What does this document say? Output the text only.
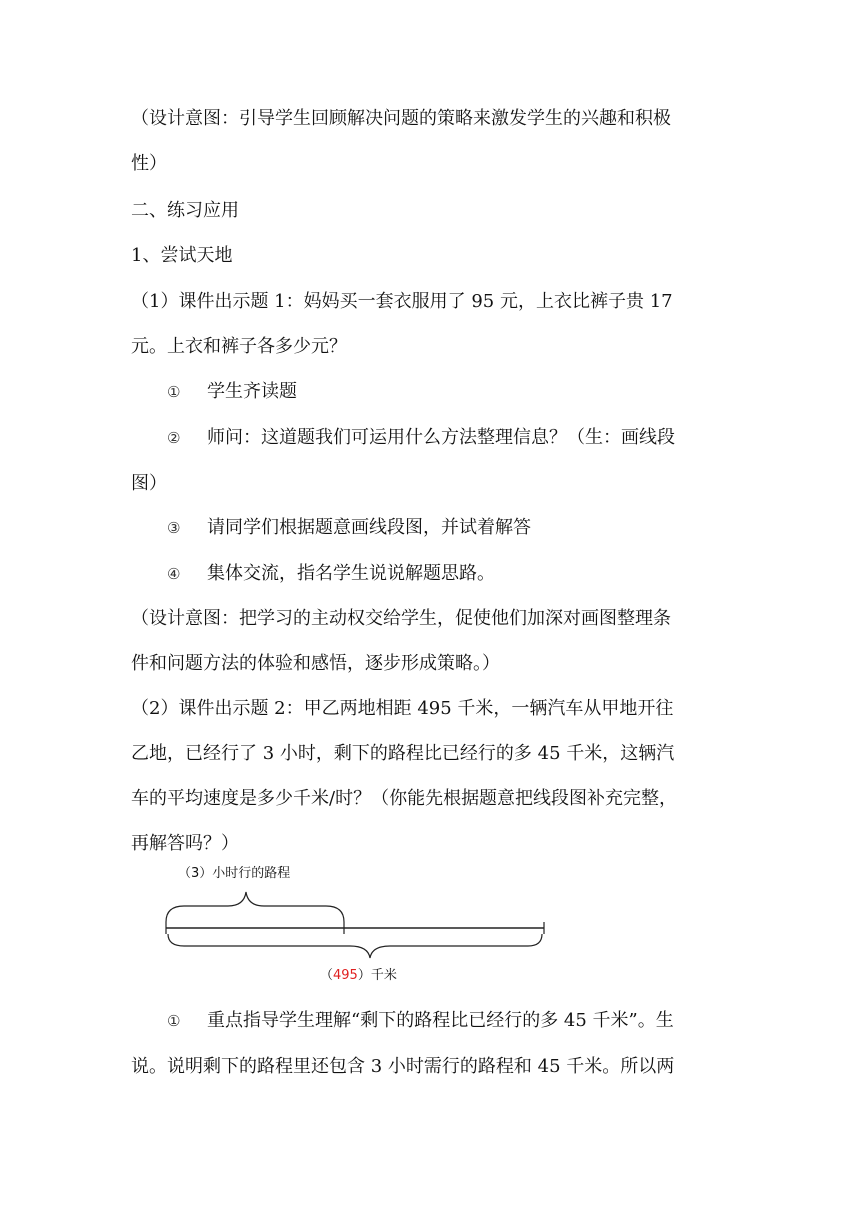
（设计意图：引导学生回顾解决问题的策略来激发学生的兴趣和积极
性）
二、练习应用
1、尝试天地
（1）课件出示题 1：妈妈买一套衣服用了 95 元，上衣比裤子贵 17
元。上衣和裤子各多少元？
① 学生齐读题
② 师问：这道题我们可运用什么方法整理信息？（生：画线段
图）
③ 请同学们根据题意画线段图，并试着解答
④ 集体交流，指名学生说说解题思路。
（设计意图：把学习的主动权交给学生，促使他们加深对画图整理条
件和问题方法的体验和感悟，逐步形成策略。）
（2）课件出示题 2：甲乙两地相距 495 千米，一辆汽车从甲地开往
乙地，已经行了 3 小时，剩下的路程比已经行的多 45 千米，这辆汽
车的平均速度是多少千米/时？（你能先根据题意把线段图补充完整，
再解答吗？）
（3）小时行的路程
（495）千米
① 重点指导学生理解“剩下的路程比已经行的多 45 千米”。生
说。说明剩下的路程里还包含 3 小时需行的路程和 45 千米。所以两
